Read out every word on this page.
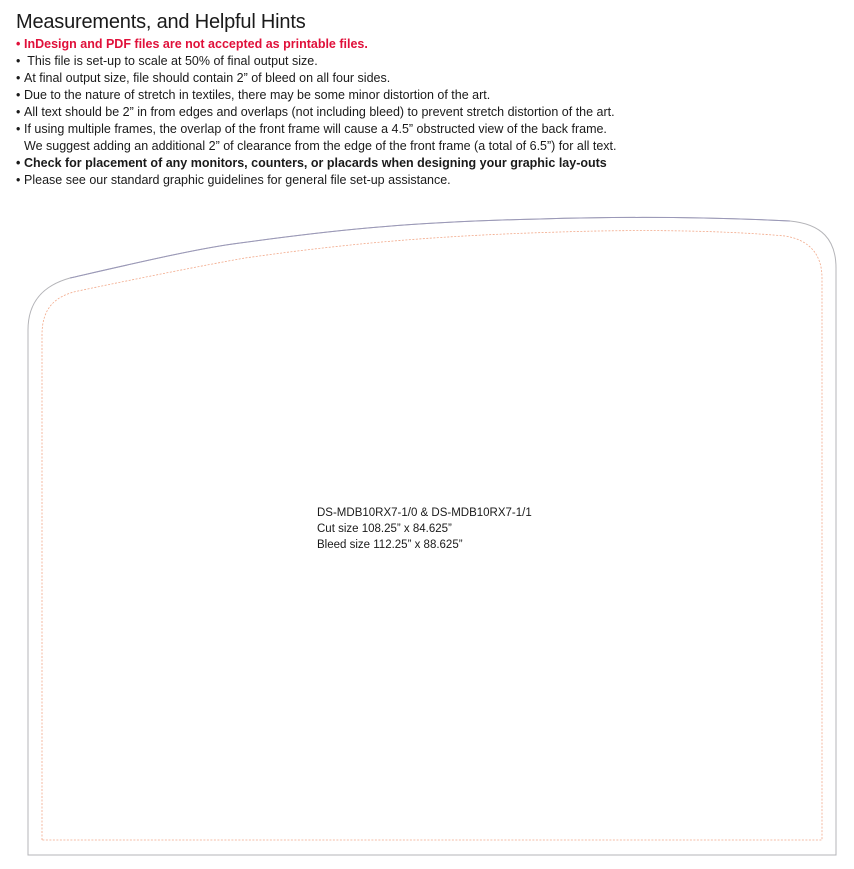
Measurements, and Helpful Hints
• InDesign and PDF files are not accepted as printable files.
• This file is set-up to scale at 50% of final output size.
• At final output size, file should contain 2” of bleed on all four sides.
• Due to the nature of stretch in textiles, there may be some minor distortion of the art.
• All text should be 2” in from edges and overlaps (not including bleed) to prevent stretch distortion of the art.
• If using multiple frames, the overlap of the front frame will cause a 4.5” obstructed view of the back frame.
We suggest adding an additional 2” of clearance from the edge of the front frame (a total of 6.5”) for all text.
• Check for placement of any monitors, counters, or placards when designing your graphic lay-outs
• Please see our standard graphic guidelines for general file set-up assistance.
DS-MDB10RX7-1/0 & DS-MDB10RX7-1/1
Cut size 108.25” x 84.625”
Bleed size 112.25” x 88.625”
